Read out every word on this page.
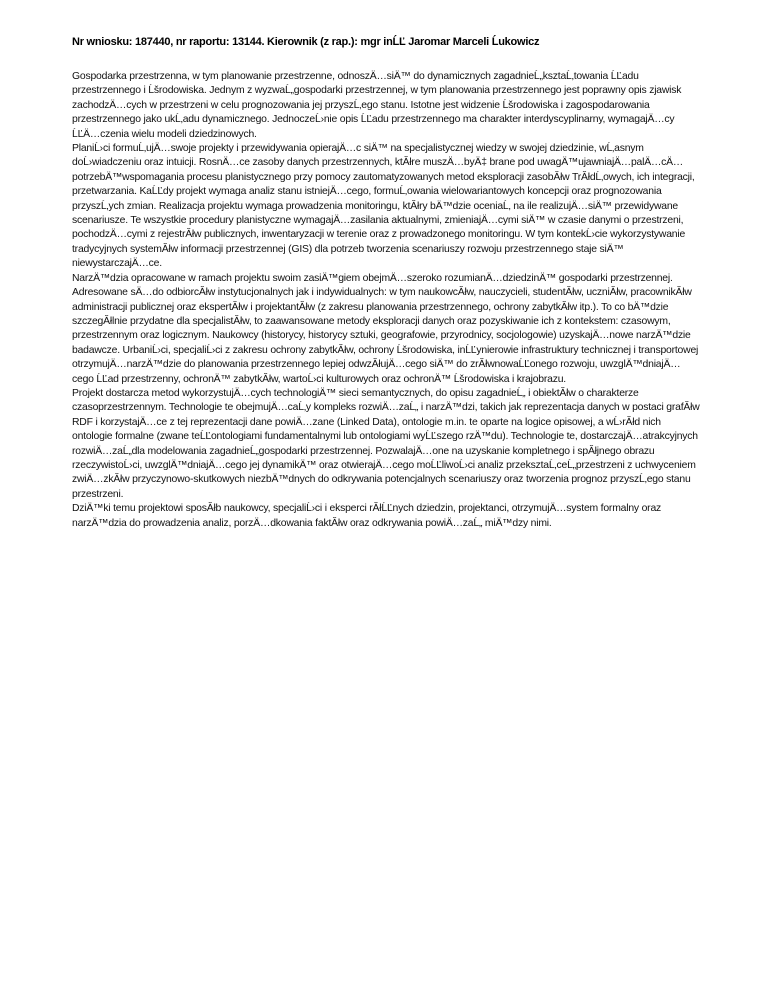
Nr wniosku: 187440, nr raportu: 13144. Kierownik (z rap.): mgr inĹĽ Jaromar Marceli Ĺukowicz

Gospodarka przestrzenna, w tym planowanie przestrzenne, odnoszÄ…siÄ™ do dynamicznych zagadnieĹ„ksztaĹ‚towania ĹĽadu przestrzennego i Ĺšrodowiska. Jednym z wyzwaĹ„gospodarki przestrzennej, w tym planowania przestrzennego jest poprawny opis zjawisk zachodzÄ…cych w przestrzeni w celu prognozowania jej przyszĹ‚ego stanu. Istotne jest widzenie Ĺšrodowiska i zagospodarowania przestrzennego jako ukĹ‚adu dynamicznego. JednoczeĹ›nie opis ĹĽadu przestrzennego ma charakter interdyscyplinarny, wymagajÄ…cy ĹĽÄ…czenia wielu modeli dziedzinowych.

PlaniĹ›ci formuĹ‚ujÄ…swoje projekty i przewidywania opierajÄ…c siÄ™ na specjalistycznej wiedzy w swojej dziedzinie, wĹ‚asnym doĹ›wiadczeniu oraz intuicji. RosnÄ…ce zasoby danych przestrzennych, ktĂłre muszÄ…byÄ‡ brane pod uwagÄ™ujawniajÄ…palÄ…cÄ… potrzebÄ™wspomagania procesu planistycznego przy pomocy zautomatyzowanych metod eksploracji zasobĂłw TrĂłdĹ‚owych, ich integracji, przetwarzania. KaĹĽdy projekt wymaga analiz stanu istniejÄ…cego, formuĹ‚owania wielowariantowych koncepcji oraz prognozowania przyszĹ‚ych zmian. Realizacja projektu wymaga prowadzenia monitoringu, ktĂłry bÄ™dzie oceniaĹ‚ na ile realizujÄ…siÄ™ przewidywane scenariusze. Te wszystkie procedury planistyczne wymagajÄ…zasilania aktualnymi, zmieniajÄ…cymi siÄ™ w czasie danymi o przestrzeni, pochodzÄ…cymi z rejestrĂłw publicznych, inwentaryzacji w terenie oraz z prowadzonego monitoringu. W tym kontekĹ›cie wykorzystywanie tradycyjnych systemĂłw informacji przestrzennej (GIS) dla potrzeb tworzenia scenariuszy rozwoju przestrzennego staje siÄ™ niewystarczajÄ…ce.

NarzÄ™dzia opracowane w ramach projektu swoim zasiÄ™giem obejmÄ…szeroko rozumianÄ…dziedzinÄ™ gospodarki przestrzennej. Adresowane sÄ…do odbiorcĂłw instytucjonalnych jak i indywidualnych: w tym naukowcĂłw, nauczycieli, studentĂłw, uczniĂłw, pracownikĂłw administracji publicznej oraz ekspertĂłw i projektantĂłw (z zakresu planowania przestrzennego, ochrony zabytkĂłw itp.). To co bÄ™dzie szczegĂłlnie przydatne dla specjalistĂłw, to zaawansowane metody eksploracji danych oraz pozyskiwanie ich z kontekstem: czasowym, przestrzennym oraz logicznym. Naukowcy (historycy, historycy sztuki, geografowie, przyrodnicy, socjologowie) uzyskajÄ…nowe narzÄ™dzie badawcze. UrbaniĹ›ci, specjaliĹ›ci z zakresu ochrony zabytkĂłw, ochrony Ĺšrodowiska, inĹĽynierowie infrastruktury technicznej i transportowej otrzymujÄ…narzÄ™dzie do planowania przestrzennego lepiej odwzĂłujÄ…cego siÄ™ do zrĂłwnowaĹĽonego rozwoju, uwzglÄ™dniajÄ…cego ĹĽad przestrzenny, ochronÄ™ zabytkĂłw, wartoĹ›ci kulturowych oraz ochronÄ™ Ĺšrodowiska i krajobrazu.

Projekt dostarcza metod wykorzystujÄ…cych technologiÄ™ sieci semantycznych, do opisu zagadnieĹ„ i obiektĂłw o charakterze czasoprzestrzennym. Technologie te obejmujÄ…caĹ‚y kompleks rozwiÄ…zaĹ„ i narzÄ™dzi, takich jak reprezentacja danych w postaci grafĂłw RDF i korzystajÄ…ce z tej reprezentacji dane powiÄ…zane (Linked Data), ontologie m.in. te oparte na logice opisowej, a wĹ›rĂłd nich ontologie formalne (zwane teĹĽontologiami fundamentalnymi lub ontologiami wyĹĽszego rzÄ™du). Technologie te, dostarczajÄ…atrakcyjnych rozwiÄ…zaĹ„dla modelowania zagadnieĹ„gospodarki przestrzennej. PozwalajÄ…one na uzyskanie kompletnego i spĂłjnego obrazu rzeczywistoĹ›ci, uwzglÄ™dniajÄ…cego jej dynamikÄ™ oraz otwierajÄ…cego moĹĽliwoĹ›ci analiz przeksztaĹ‚ceĹ„przestrzeni z uchwyceniem zwiÄ…zkĂłw przyczynowo-skutkowych niezbÄ™dnych do odkrywania potencjalnych scenariuszy oraz tworzenia prognoz przyszĹ‚ego stanu przestrzeni.

DziÄ™ki temu projektowi sposĂłb naukowcy, specjaliĹ›ci i eksperci rĂłĹĽnych dziedzin, projektanci, otrzymujÄ…system formalny oraz narzÄ™dzia do prowadzenia analiz, porzÄ…dkowania faktĂłw oraz odkrywania powiÄ…zaĹ„ miÄ™dzy nimi.
